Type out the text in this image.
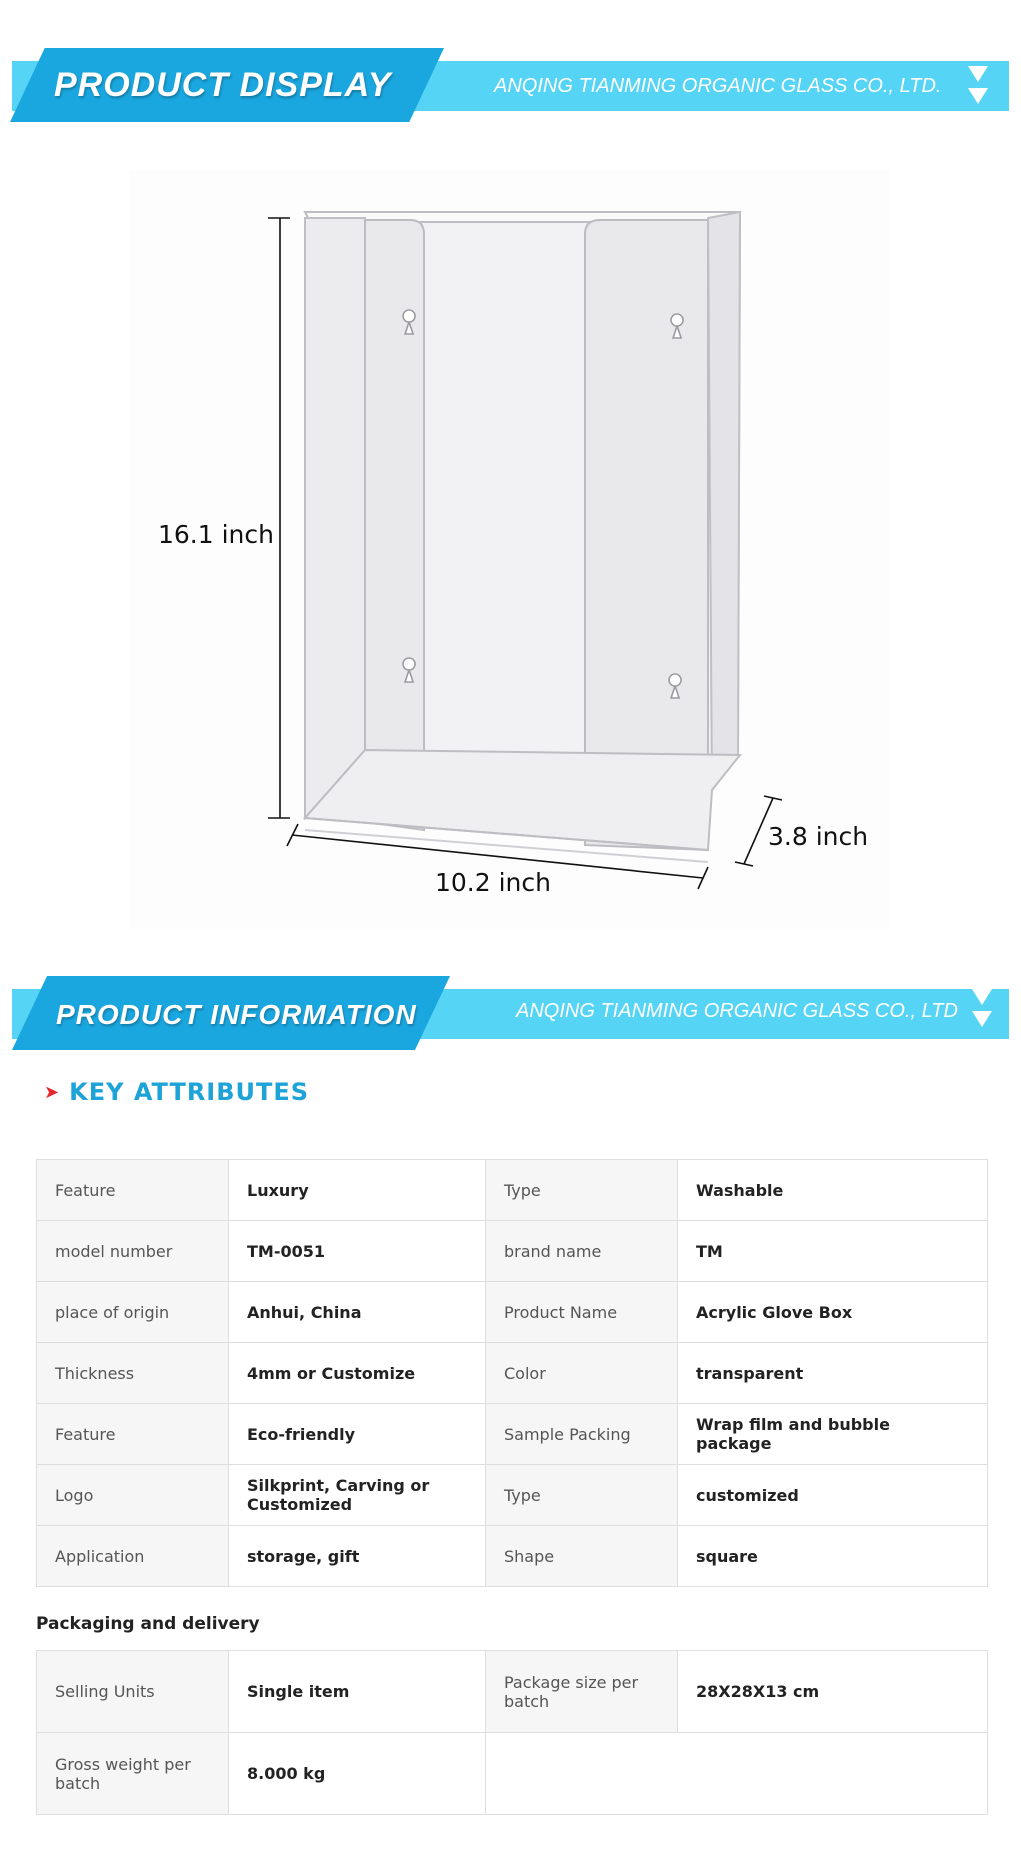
PRODUCT DISPLAY	ANQING TIANMING ORGANIC GLASS CO., LTD.
16.1 inch
10.2 inch
3.8 inch
PRODUCT INFORMATION	ANQING TIANMING ORGANIC GLASS CO., LTD
➤ KEY ATTRIBUTES
Feature	Luxury	Type	Washable
model number	TM-0051	brand name	TM
place of origin	Anhui, China	Product Name	Acrylic Glove Box
Thickness	4mm or Customize	Color	transparent
Feature	Eco-friendly	Sample Packing	Wrap film and bubble package
Logo	Silkprint, Carving or Customized	Type	customized
Application	storage, gift	Shape	square
Packaging and delivery
Selling Units	Single item	Package size per batch	28X28X13 cm
Gross weight per batch	8.000 kg		
